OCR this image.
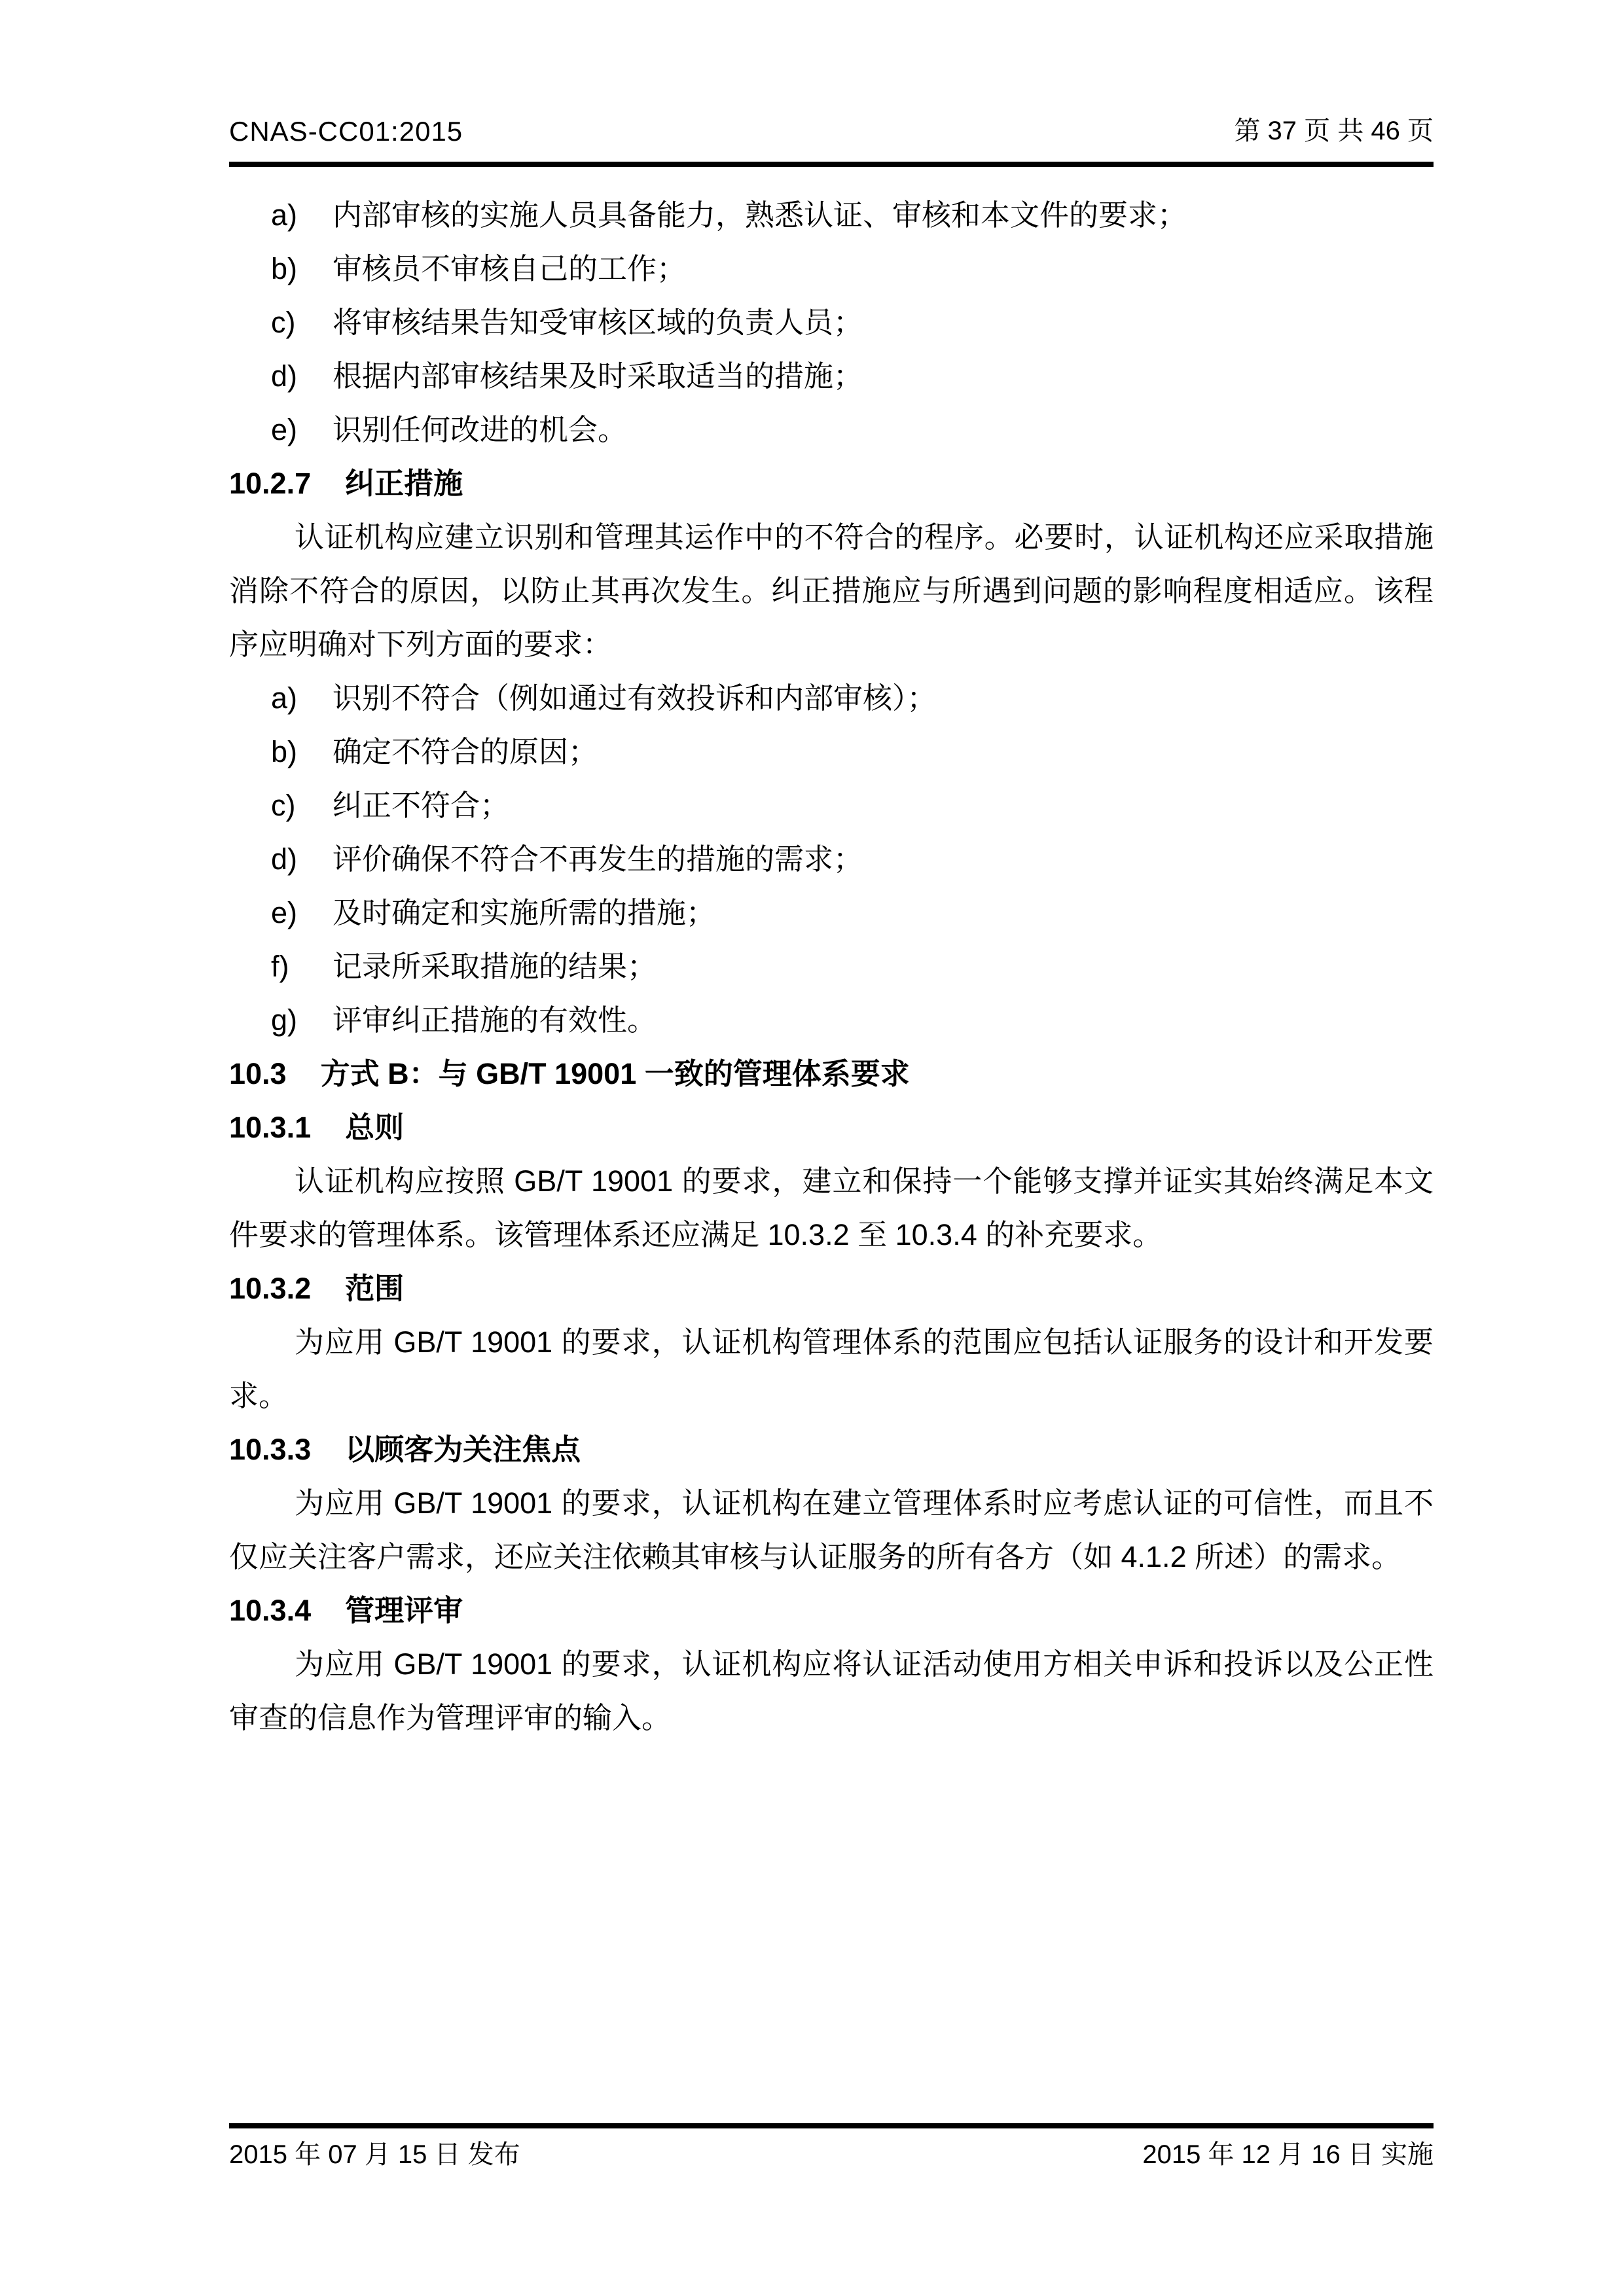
CNAS-CC01:2015	第 37 页 共 46 页
a) 内部审核的实施人员具备能力，熟悉认证、审核和本文件的要求；
b) 审核员不审核自己的工作；
c) 将审核结果告知受审核区域的负责人员；
d) 根据内部审核结果及时采取适当的措施；
e) 识别任何改进的机会。
10.2.7 纠正措施

认证机构应建立识别和管理其运作中的不符合的程序。必要时，认证机构还应采取措施消除不符合的原因，以防止其再次发生。纠正措施应与所遇到问题的影响程度相适应。该程序应明确对下列方面的要求：

a) 识别不符合（例如通过有效投诉和内部审核）；
b) 确定不符合的原因；
c) 纠正不符合；
d) 评价确保不符合不再发生的措施的需求；
e) 及时确定和实施所需的措施；
f) 记录所采取措施的结果；
g) 评审纠正措施的有效性。
10.3 方式 B：与 GB/T 19001 一致的管理体系要求
10.3.1 总则

认证机构应按照 GB/T 19001 的要求，建立和保持一个能够支撑并证实其始终满足本文件要求的管理体系。该管理体系还应满足 10.3.2 至 10.3.4 的补充要求。

10.3.2 范围

为应用 GB/T 19001 的要求，认证机构管理体系的范围应包括认证服务的设计和开发要求。

10.3.3 以顾客为关注焦点

为应用 GB/T 19001 的要求，认证机构在建立管理体系时应考虑认证的可信性，而且不仅应关注客户需求，还应关注依赖其审核与认证服务的所有各方（如 4.1.2 所述）的需求。

10.3.4 管理评审

为应用 GB/T 19001 的要求，认证机构应将认证活动使用方相关申诉和投诉以及公正性审查的信息作为管理评审的输入。

2015 年 07 月 15 日 发布	2015 年 12 月 16 日 实施
